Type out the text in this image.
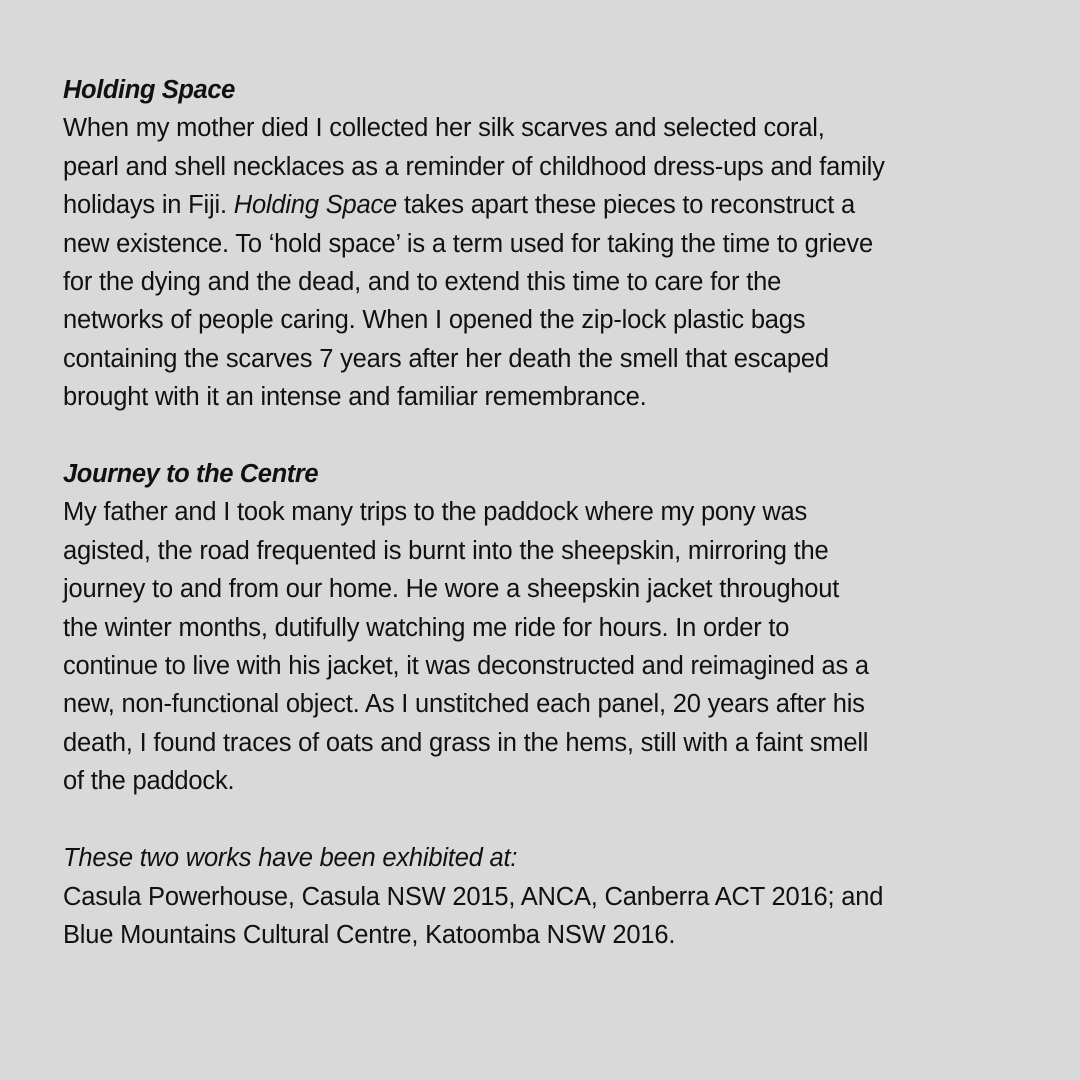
Holding Space
When my mother died I collected her silk scarves and selected coral,
pearl and shell necklaces as a reminder of childhood dress-ups and family
holidays in Fiji. Holding Space takes apart these pieces to reconstruct a
new existence. To ‘hold space’ is a term used for taking the time to grieve
for the dying and the dead, and to extend this time to care for the
networks of people caring. When I opened the zip-lock plastic bags
containing the scarves 7 years after her death the smell that escaped
brought with it an intense and familiar remembrance.
Journey to the Centre
My father and I took many trips to the paddock where my pony was
agisted, the road frequented is burnt into the sheepskin, mirroring the
journey to and from our home. He wore a sheepskin jacket throughout
the winter months, dutifully watching me ride for hours. In order to
continue to live with his jacket, it was deconstructed and reimagined as a
new, non-functional object. As I unstitched each panel, 20 years after his
death, I found traces of oats and grass in the hems, still with a faint smell
of the paddock.
These two works have been exhibited at:
Casula Powerhouse, Casula NSW 2015, ANCA, Canberra ACT 2016; and
Blue Mountains Cultural Centre, Katoomba NSW 2016.
